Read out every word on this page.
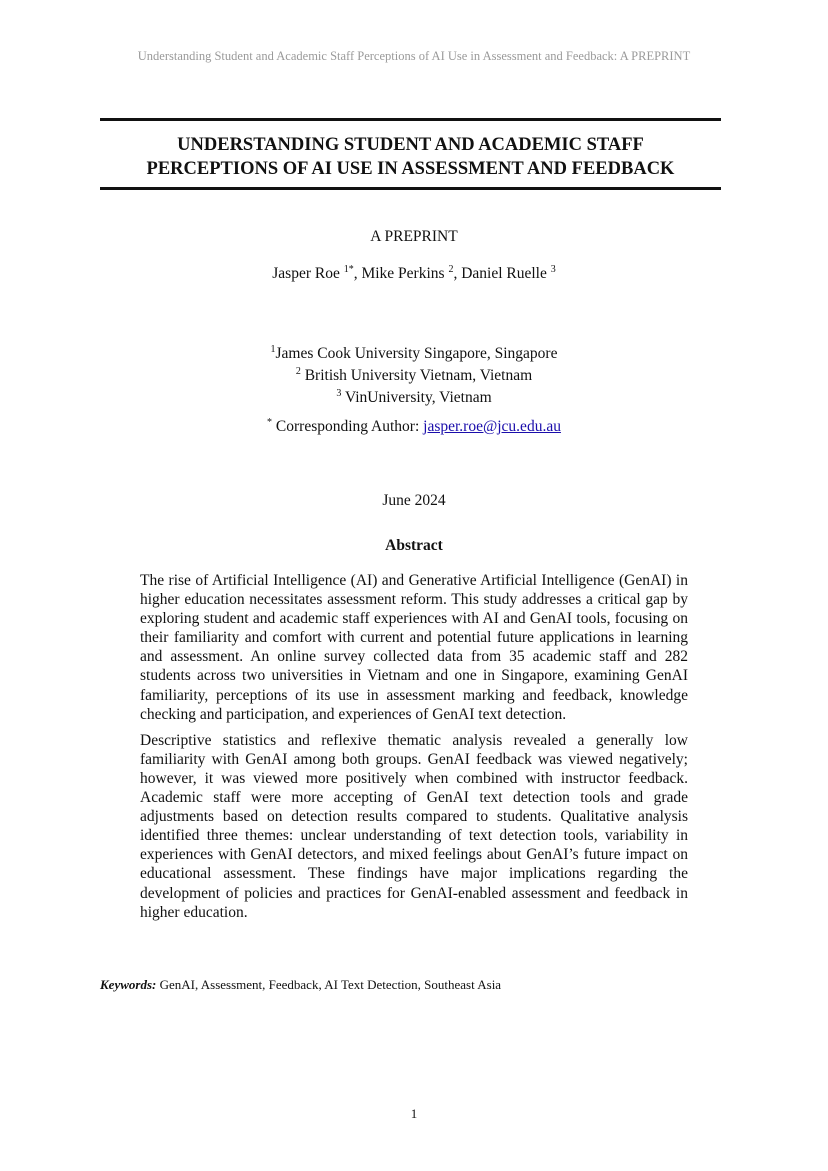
Understanding Student and Academic Staff Perceptions of AI Use in Assessment and Feedback: A PREPRINT
UNDERSTANDING STUDENT AND ACADEMIC STAFF
PERCEPTIONS OF AI USE IN ASSESSMENT AND FEEDBACK
A PREPRINT
Jasper Roe $^{1*}$, Mike Perkins $^2$, Daniel Ruelle $^3$
$^1$James Cook University Singapore, Singapore
$^2$ British University Vietnam, Vietnam
$^3$ VinUniversity, Vietnam
* Corresponding Author: jasper.roe@jcu.edu.au
June 2024
Abstract

The rise of Artificial Intelligence (AI) and Generative Artificial Intelligence (GenAI) in higher education necessitates assessment reform. This study addresses a critical gap by exploring student and academic staff experiences with AI and GenAI tools, focusing on their familiarity and comfort with current and potential future applications in learning and assessment. An online survey collected data from 35 academic staff and 282 students across two universities in Vietnam and one in Singapore, examining GenAI familiarity, perceptions of its use in assessment marking and feedback, knowledge checking and participation, and experiences of GenAI text detection.

Descriptive statistics and reflexive thematic analysis revealed a generally low familiarity with GenAI among both groups. GenAI feedback was viewed negatively; however, it was viewed more positively when combined with instructor feedback. Academic staff were more accepting of GenAI text detection tools and grade adjustments based on detection results compared to students. Qualitative analysis identified three themes: unclear understanding of text detection tools, variability in experiences with GenAI detectors, and mixed feelings about GenAI’s future impact on educational assessment. These findings have major implications regarding the development of policies and practices for GenAI-enabled assessment and feedback in higher education.

Keywords: GenAI, Assessment, Feedback, AI Text Detection, Southeast Asia
1
